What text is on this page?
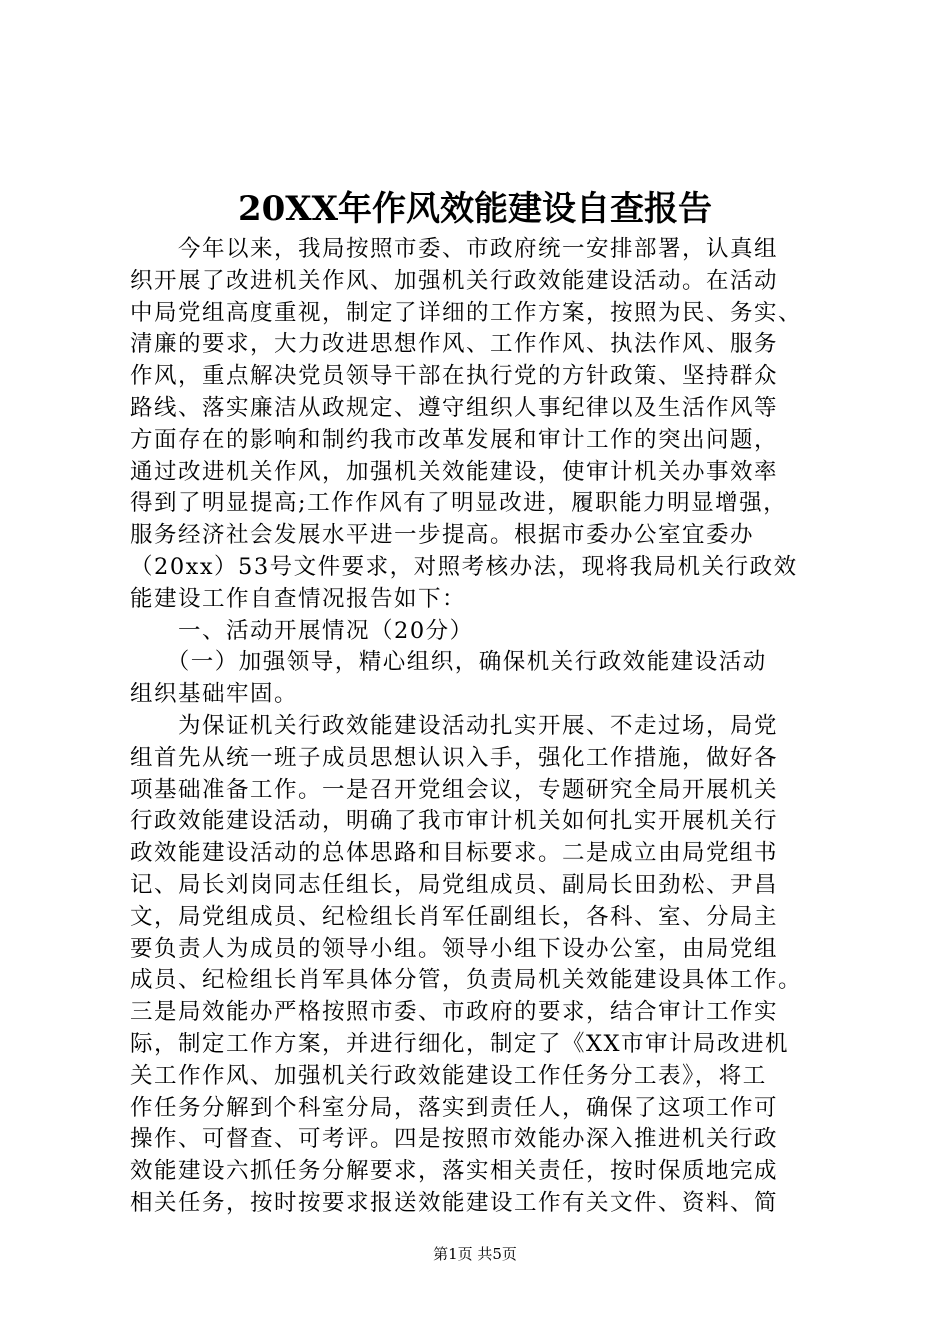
20XX年作风效能建设自查报告
　　今年以来，我局按照市委、市政府统一安排部署，认真组
织开展了改进机关作风、加强机关行政效能建设活动。在活动
中局党组高度重视，制定了详细的工作方案，按照为民、务实、
清廉的要求，大力改进思想作风、工作作风、执法作风、服务
作风，重点解决党员领导干部在执行党的方针政策、坚持群众
路线、落实廉洁从政规定、遵守组织人事纪律以及生活作风等
方面存在的影响和制约我市改革发展和审计工作的突出问题，
通过改进机关作风，加强机关效能建设，使审计机关办事效率
得到了明显提高;工作作风有了明显改进，履职能力明显增强，
服务经济社会发展水平进一步提高。根据市委办公室宜委办
（20xx）53号文件要求，对照考核办法，现将我局机关行政效
能建设工作自查情况报告如下：
　　一、活动开展情况（20分）
　　（一）加强领导，精心组织，确保机关行政效能建设活动
组织基础牢固。
　　为保证机关行政效能建设活动扎实开展、不走过场，局党
组首先从统一班子成员思想认识入手，强化工作措施，做好各
项基础准备工作。一是召开党组会议，专题研究全局开展机关
行政效能建设活动，明确了我市审计机关如何扎实开展机关行
政效能建设活动的总体思路和目标要求。二是成立由局党组书
记、局长刘岗同志任组长，局党组成员、副局长田劲松、尹昌
文，局党组成员、纪检组长肖军任副组长，各科、室、分局主
要负责人为成员的领导小组。领导小组下设办公室，由局党组
成员、纪检组长肖军具体分管，负责局机关效能建设具体工作。
三是局效能办严格按照市委、市政府的要求，结合审计工作实
际，制定工作方案，并进行细化，制定了《XX市审计局改进机
关工作作风、加强机关行政效能建设工作任务分工表》，将工
作任务分解到个科室分局，落实到责任人，确保了这项工作可
操作、可督查、可考评。四是按照市效能办深入推进机关行政
效能建设六抓任务分解要求，落实相关责任，按时保质地完成
相关任务，按时按要求报送效能建设工作有关文件、资料、简
第1页 共5页
